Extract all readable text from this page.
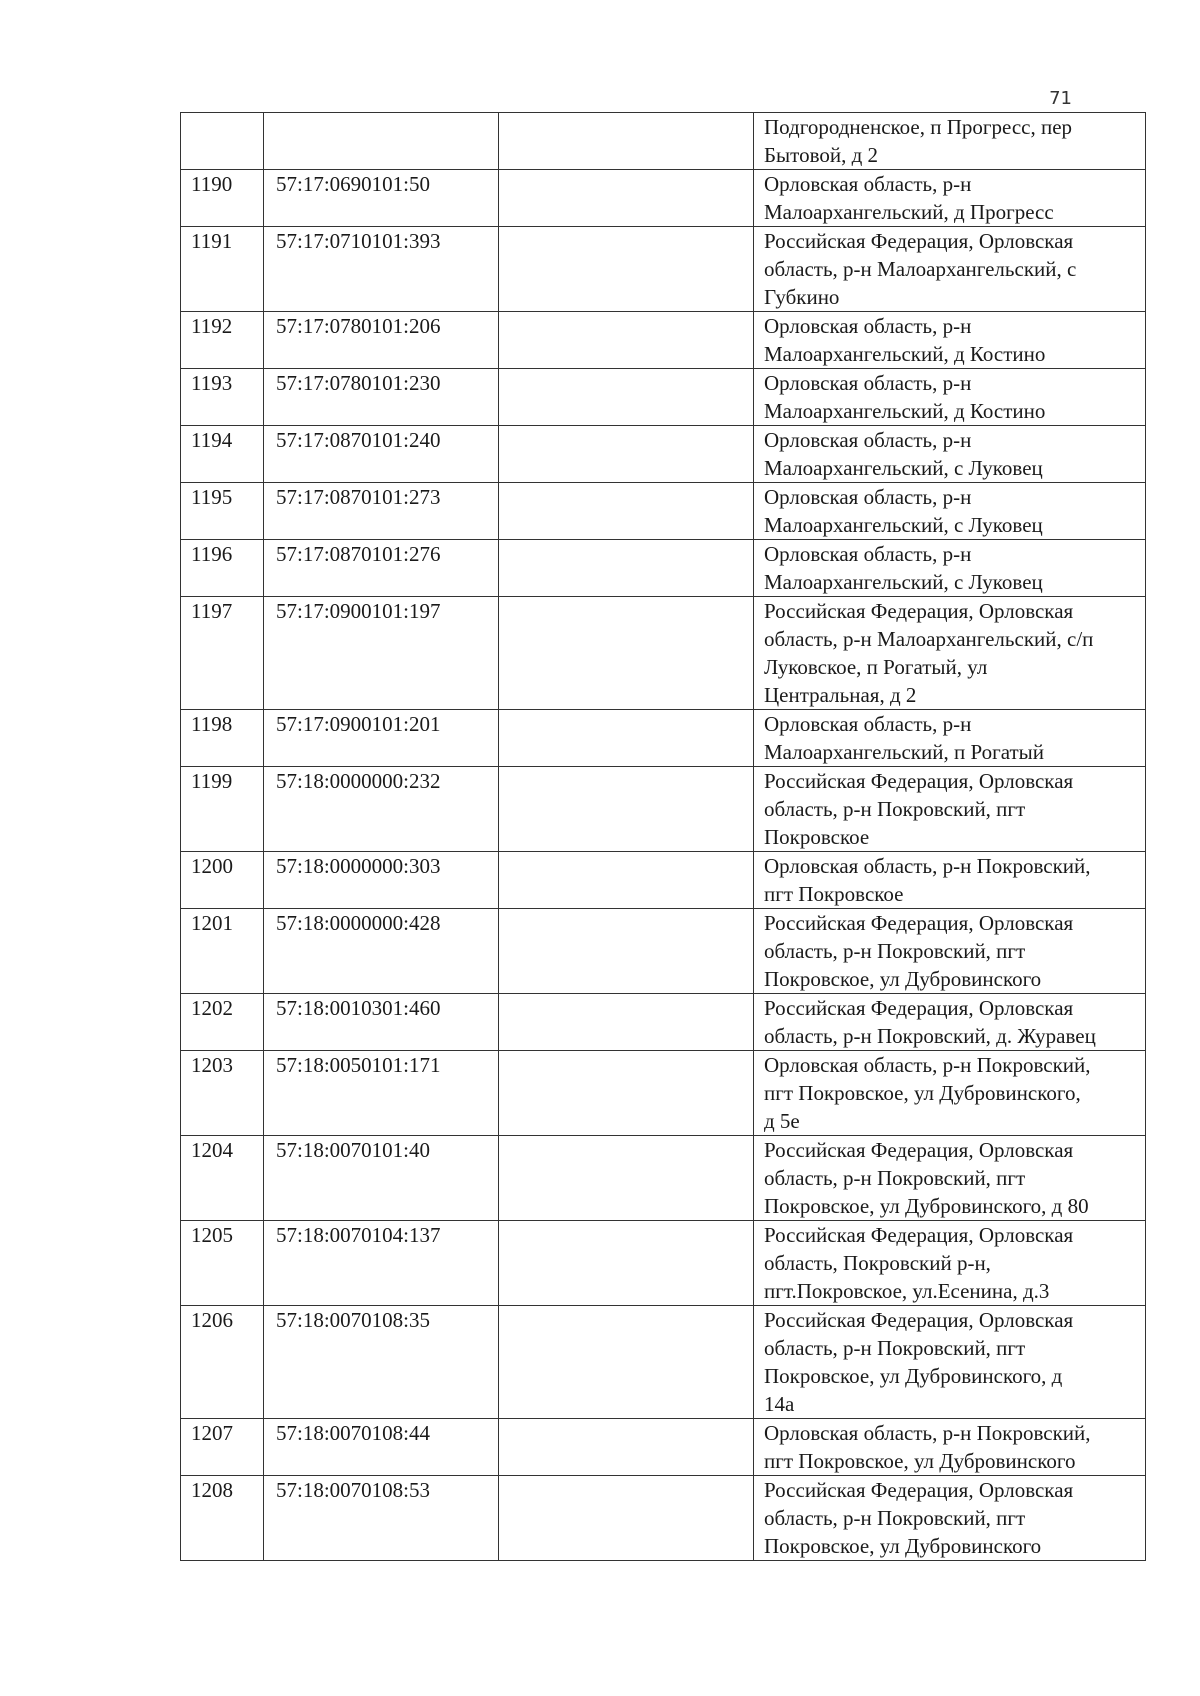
71

			Подгородненское, п Прогресс, пер
Бытовой, д 2

1190	57:17:0690101:50		Орловская область, р-н
Малоархангельский, д Прогресс

1191	57:17:0710101:393		Российская Федерация, Орловская
область, р-н Малоархангельский, с
Губкино

1192	57:17:0780101:206		Орловская область, р-н
Малоархангельский, д Костино

1193	57:17:0780101:230		Орловская область, р-н
Малоархангельский, д Костино

1194	57:17:0870101:240		Орловская область, р-н
Малоархангельский, с Луковец

1195	57:17:0870101:273		Орловская область, р-н
Малоархангельский, с Луковец

1196	57:17:0870101:276		Орловская область, р-н
Малоархангельский, с Луковец

1197	57:17:0900101:197		Российская Федерация, Орловская
область, р-н Малоархангельский, с/п
Луковское, п Рогатый, ул
Центральная, д 2

1198	57:17:0900101:201		Орловская область, р-н
Малоархангельский, п Рогатый

1199	57:18:0000000:232		Российская Федерация, Орловская
область, р-н Покровский, пгт
Покровское

1200	57:18:0000000:303		Орловская область, р-н Покровский,
пгт Покровское

1201	57:18:0000000:428		Российская Федерация, Орловская
область, р-н Покровский, пгт
Покровское, ул Дубровинского

1202	57:18:0010301:460		Российская Федерация, Орловская
область, р-н Покровский, д. Журавец

1203	57:18:0050101:171		Орловская область, р-н Покровский,
пгт Покровское, ул Дубровинского,
д 5е

1204	57:18:0070101:40		Российская Федерация, Орловская
область, р-н Покровский, пгт
Покровское, ул Дубровинского, д 80

1205	57:18:0070104:137		Российская Федерация, Орловская
область, Покровский р-н,
пгт.Покровское, ул.Есенина, д.3

1206	57:18:0070108:35		Российская Федерация, Орловская
область, р-н Покровский, пгт
Покровское, ул Дубровинского, д
14а

1207	57:18:0070108:44		Орловская область, р-н Покровский,
пгт Покровское, ул Дубровинского

1208	57:18:0070108:53		Российская Федерация, Орловская
область, р-н Покровский, пгт
Покровское, ул Дубровинского
